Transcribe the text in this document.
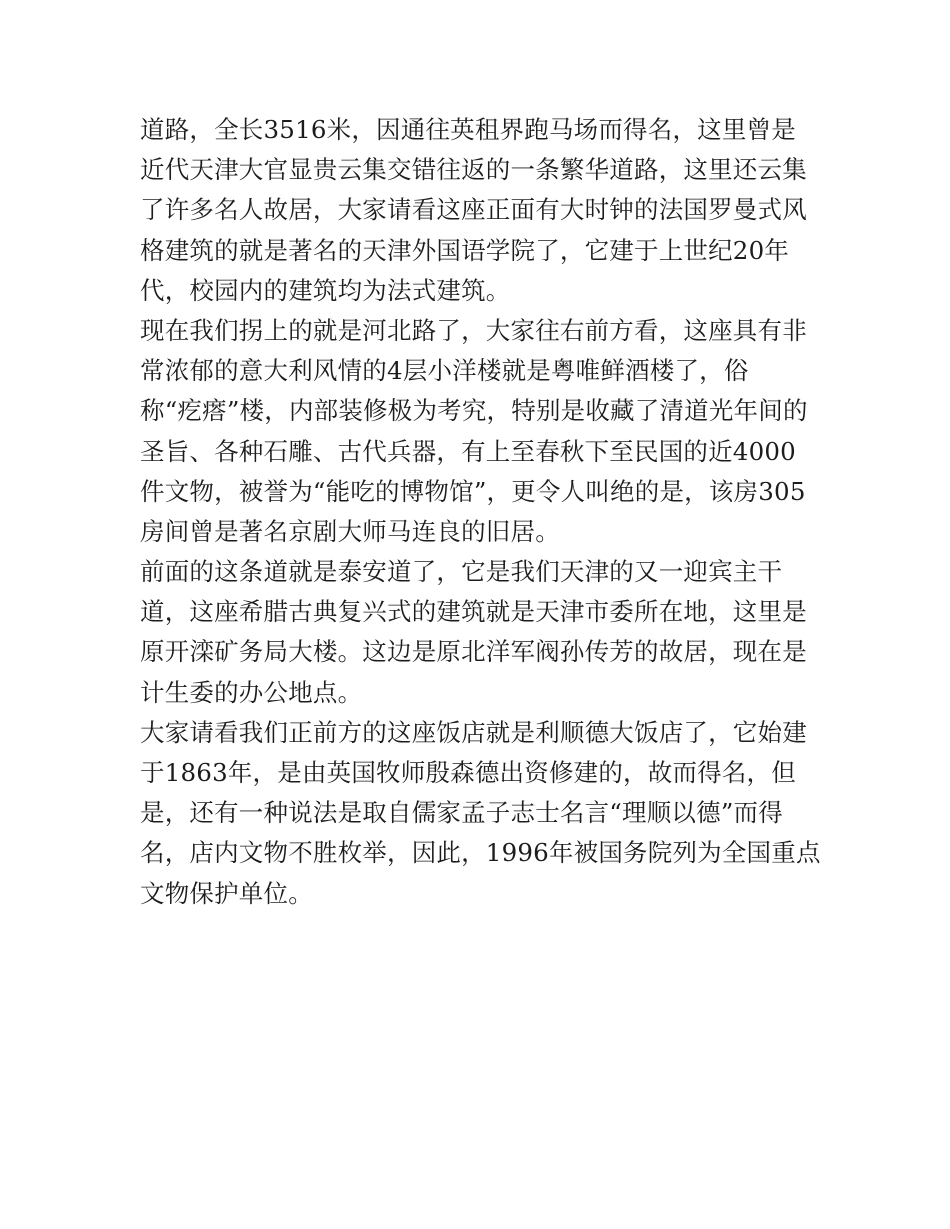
道路，全长3516米，因通往英租界跑马场而得名，这里曾是
近代天津大官显贵云集交错往返的一条繁华道路，这里还云集
了许多名人故居，大家请看这座正面有大时钟的法国罗曼式风
格建筑的就是著名的天津外国语学院了，它建于上世纪20年
代，校园内的建筑均为法式建筑。
现在我们拐上的就是河北路了，大家往右前方看，这座具有非
常浓郁的意大利风情的4层小洋楼就是粤唯鲜酒楼了，俗
称“疙瘩”楼，内部装修极为考究，特别是收藏了清道光年间的
圣旨、各种石雕、古代兵器，有上至春秋下至民国的近4000
件文物，被誉为“能吃的博物馆”，更令人叫绝的是，该房305
房间曾是著名京剧大师马连良的旧居。
前面的这条道就是泰安道了，它是我们天津的又一迎宾主干
道，这座希腊古典复兴式的建筑就是天津市委所在地，这里是
原开滦矿务局大楼。这边是原北洋军阀孙传芳的故居，现在是
计生委的办公地点。
大家请看我们正前方的这座饭店就是利顺德大饭店了，它始建
于1863年，是由英国牧师殷森德出资修建的，故而得名，但
是，还有一种说法是取自儒家孟子志士名言“理顺以德”而得
名，店内文物不胜枚举，因此，1996年被国务院列为全国重点
文物保护单位。
